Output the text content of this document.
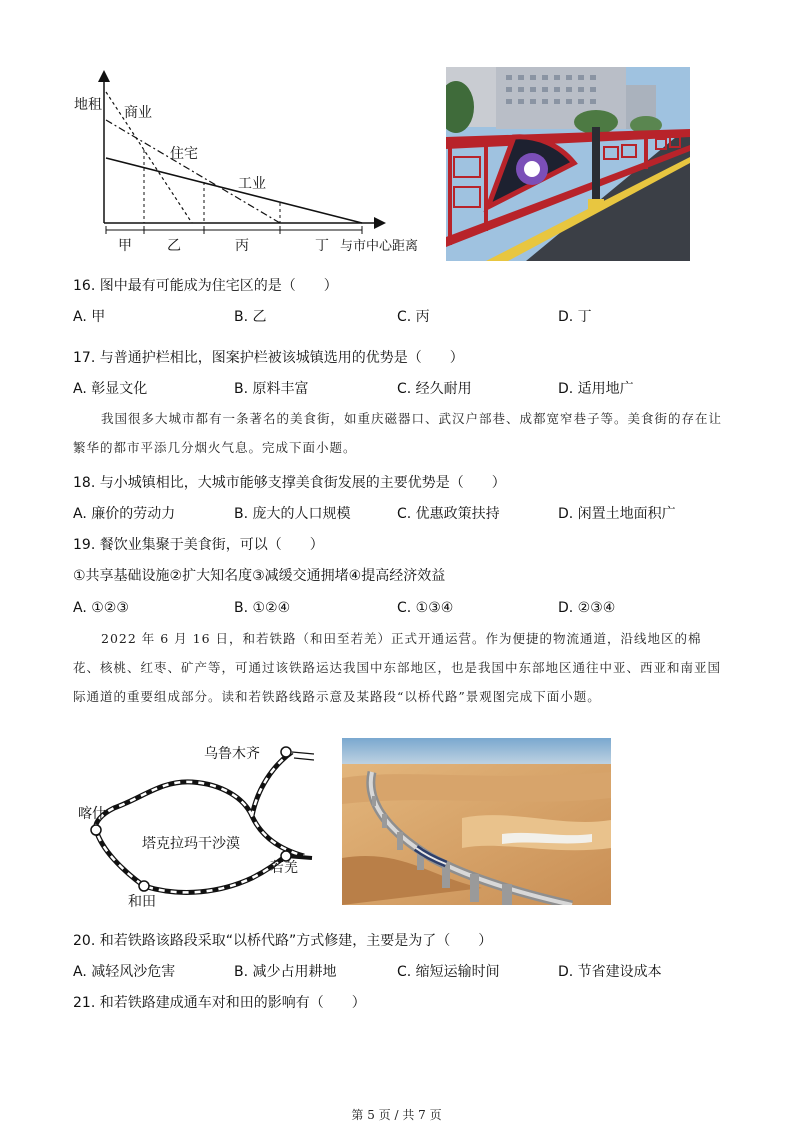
地租 商业
住宅
工业
甲	乙	丙	丁 与市中心距离
16. 图中最有可能成为住宅区的是（　　）
A. 甲	B. 乙	C. 丙	D. 丁
17. 与普通护栏相比，图案护栏被该城镇选用的优势是（　　）
A. 彰显文化	B. 原料丰富	C. 经久耐用	D. 适用地广
我国很多大城市都有一条著名的美食街，如重庆磁器口、武汉户部巷、成都宽窄巷子等。美食街的存在让繁华的都市平添几分烟火气息。完成下面小题。
18. 与小城镇相比，大城市能够支撑美食街发展的主要优势是（　　）
A. 廉价的劳动力	B. 庞大的人口规模	C. 优惠政策扶持	D. 闲置土地面积广
19. 餐饮业集聚于美食街，可以（　　）
①共享基础设施②扩大知名度③减缓交通拥堵④提高经济效益
A. ①②③	B. ①②④	C. ①③④	D. ②③④
2022 年 6 月 16 日，和若铁路（和田至若羌）正式开通运营。作为便捷的物流通道，沿线地区的棉花、核桃、红枣、矿产等，可通过该铁路运达我国中东部地区，也是我国中东部地区通往中亚、西亚和南亚国际通道的重要组成部分。读和若铁路线路示意及某路段“以桥代路”景观图完成下面小题。
乌鲁木齐
喀什
和田
若羌
塔克拉玛干沙漠
20. 和若铁路该路段采取“以桥代路”方式修建，主要是为了（　　）
A. 减轻风沙危害	B. 减少占用耕地	C. 缩短运输时间	D. 节省建设成本
21. 和若铁路建成通车对和田的影响有（　　）
第 5 页 / 共 7 页
